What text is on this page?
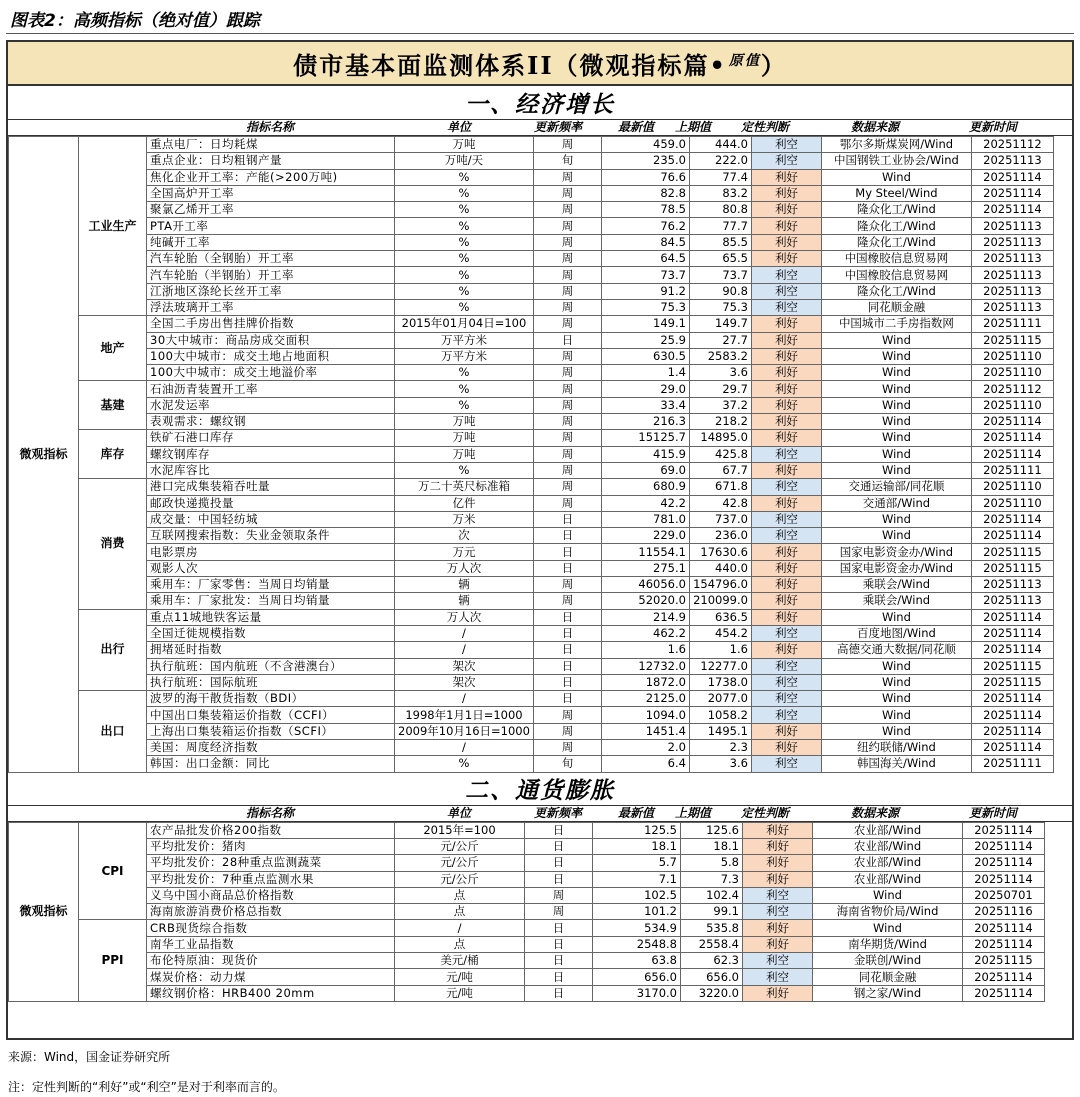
图表2：高频指标（绝对值）跟踪
债市基本面监测体系II（微观指标篇• $^{原值}$）
一、经济增长
指标名称	单位	更新频率	最新值	上期值	定性判断	数据来源	更新时间
微观指标	工业生产	重点电厂：日均耗煤	万吨	周	459.0	444.0	利空	鄂尔多斯煤炭网/Wind	20251112
		重点企业：日均粗钢产量	万吨/天	旬	235.0	222.0	利空	中国钢铁工业协会/Wind	20251113
		焦化企业开工率：产能(>200万吨)	%	周	76.6	77.4	利好	Wind	20251114
		全国高炉开工率	%	周	82.8	83.2	利好	My Steel/Wind	20251114
		聚氯乙烯开工率	%	周	78.5	80.8	利好	隆众化工/Wind	20251114
		PTA开工率	%	周	76.2	77.7	利好	隆众化工/Wind	20251113
		纯碱开工率	%	周	84.5	85.5	利好	隆众化工/Wind	20251113
		汽车轮胎（全钢胎）开工率	%	周	64.5	65.5	利好	中国橡胶信息贸易网	20251113
		汽车轮胎（半钢胎）开工率	%	周	73.7	73.7	利空	中国橡胶信息贸易网	20251113
		江浙地区涤纶长丝开工率	%	周	91.2	90.8	利空	隆众化工/Wind	20251113
		浮法玻璃开工率	%	周	75.3	75.3	利空	同花顺金融	20251113
	地产	全国二手房出售挂牌价指数	2015年01月04日=100	周	149.1	149.7	利好	中国城市二手房指数网	20251111
		30大中城市：商品房成交面积	万平方米	日	25.9	27.7	利好	Wind	20251115
		100大中城市：成交土地占地面积	万平方米	周	630.5	2583.2	利好	Wind	20251110
		100大中城市：成交土地溢价率	%	周	1.4	3.6	利好	Wind	20251110
	基建	石油沥青装置开工率	%	周	29.0	29.7	利好	Wind	20251112
		水泥发运率	%	周	33.4	37.2	利好	Wind	20251110
		表观需求：螺纹钢	万吨	周	216.3	218.2	利好	Wind	20251114
	库存	铁矿石港口库存	万吨	周	15125.7	14895.0	利好	Wind	20251114
		螺纹钢库存	万吨	周	415.9	425.8	利空	Wind	20251114
		水泥库容比	%	周	69.0	67.7	利好	Wind	20251111
	消费	港口完成集装箱吞吐量	万二十英尺标准箱	周	680.9	671.8	利空	交通运输部/同花顺	20251110
		邮政快递揽投量	亿件	周	42.2	42.8	利好	交通部/Wind	20251110
		成交量：中国轻纺城	万米	日	781.0	737.0	利空	Wind	20251114
		互联网搜索指数：失业金领取条件	次	日	229.0	236.0	利空	Wind	20251114
		电影票房	万元	日	11554.1	17630.6	利好	国家电影资金办/Wind	20251115
		观影人次	万人次	日	275.1	440.0	利好	国家电影资金办/Wind	20251115
		乘用车：厂家零售：当周日均销量	辆	周	46056.0	154796.0	利好	乘联会/Wind	20251113
		乘用车：厂家批发：当周日均销量	辆	周	52020.0	210099.0	利好	乘联会/Wind	20251113
	出行	重点11城地铁客运量	万人次	日	214.9	636.5	利好	Wind	20251114
		全国迁徙规模指数	/	日	462.2	454.2	利空	百度地图/Wind	20251114
		拥堵延时指数	/	日	1.6	1.6	利好	高德交通大数据/同花顺	20251114
		执行航班：国内航班（不含港澳台）	架次	日	12732.0	12277.0	利空	Wind	20251115
		执行航班：国际航班	架次	日	1872.0	1738.0	利空	Wind	20251115
	出口	波罗的海干散货指数（BDI）	/	日	2125.0	2077.0	利空	Wind	20251114
		中国出口集装箱运价指数（CCFI）	1998年1月1日=1000	周	1094.0	1058.2	利空	Wind	20251114
		上海出口集装箱运价指数（SCFI）	2009年10月16日=1000	周	1451.4	1495.1	利好	Wind	20251114
		美国：周度经济指数	/	周	2.0	2.3	利好	纽约联储/Wind	20251114
		韩国：出口金额：同比	%	旬	6.4	3.6	利空	韩国海关/Wind	20251111
二、通货膨胀
指标名称	单位	更新频率	最新值	上期值	定性判断	数据来源	更新时间
微观指标	CPI	农产品批发价格200指数	2015年=100	日	125.5	125.6	利好	农业部/Wind	20251114
		平均批发价：猪肉	元/公斤	日	18.1	18.1	利好	农业部/Wind	20251114
		平均批发价：28种重点监测蔬菜	元/公斤	日	5.7	5.8	利好	农业部/Wind	20251114
		平均批发价：7种重点监测水果	元/公斤	日	7.1	7.3	利好	农业部/Wind	20251114
		义乌中国小商品总价格指数	点	周	102.5	102.4	利空	Wind	20250701
		海南旅游消费价格总指数	点	周	101.2	99.1	利空	海南省物价局/Wind	20251116
	PPI	CRB现货综合指数	/	日	534.9	535.8	利好	Wind	20251114
		南华工业品指数	点	日	2548.8	2558.4	利好	南华期货/Wind	20251114
		布伦特原油：现货价	美元/桶	日	63.8	62.3	利空	金联创/Wind	20251115
		煤炭价格：动力煤	元/吨	日	656.0	656.0	利空	同花顺金融	20251114
		螺纹钢价格：HRB400 20mm	元/吨	日	3170.0	3220.0	利好	钢之家/Wind	20251114
来源：Wind，国金证券研究所
注：定性判断的“利好”或“利空”是对于利率而言的。
